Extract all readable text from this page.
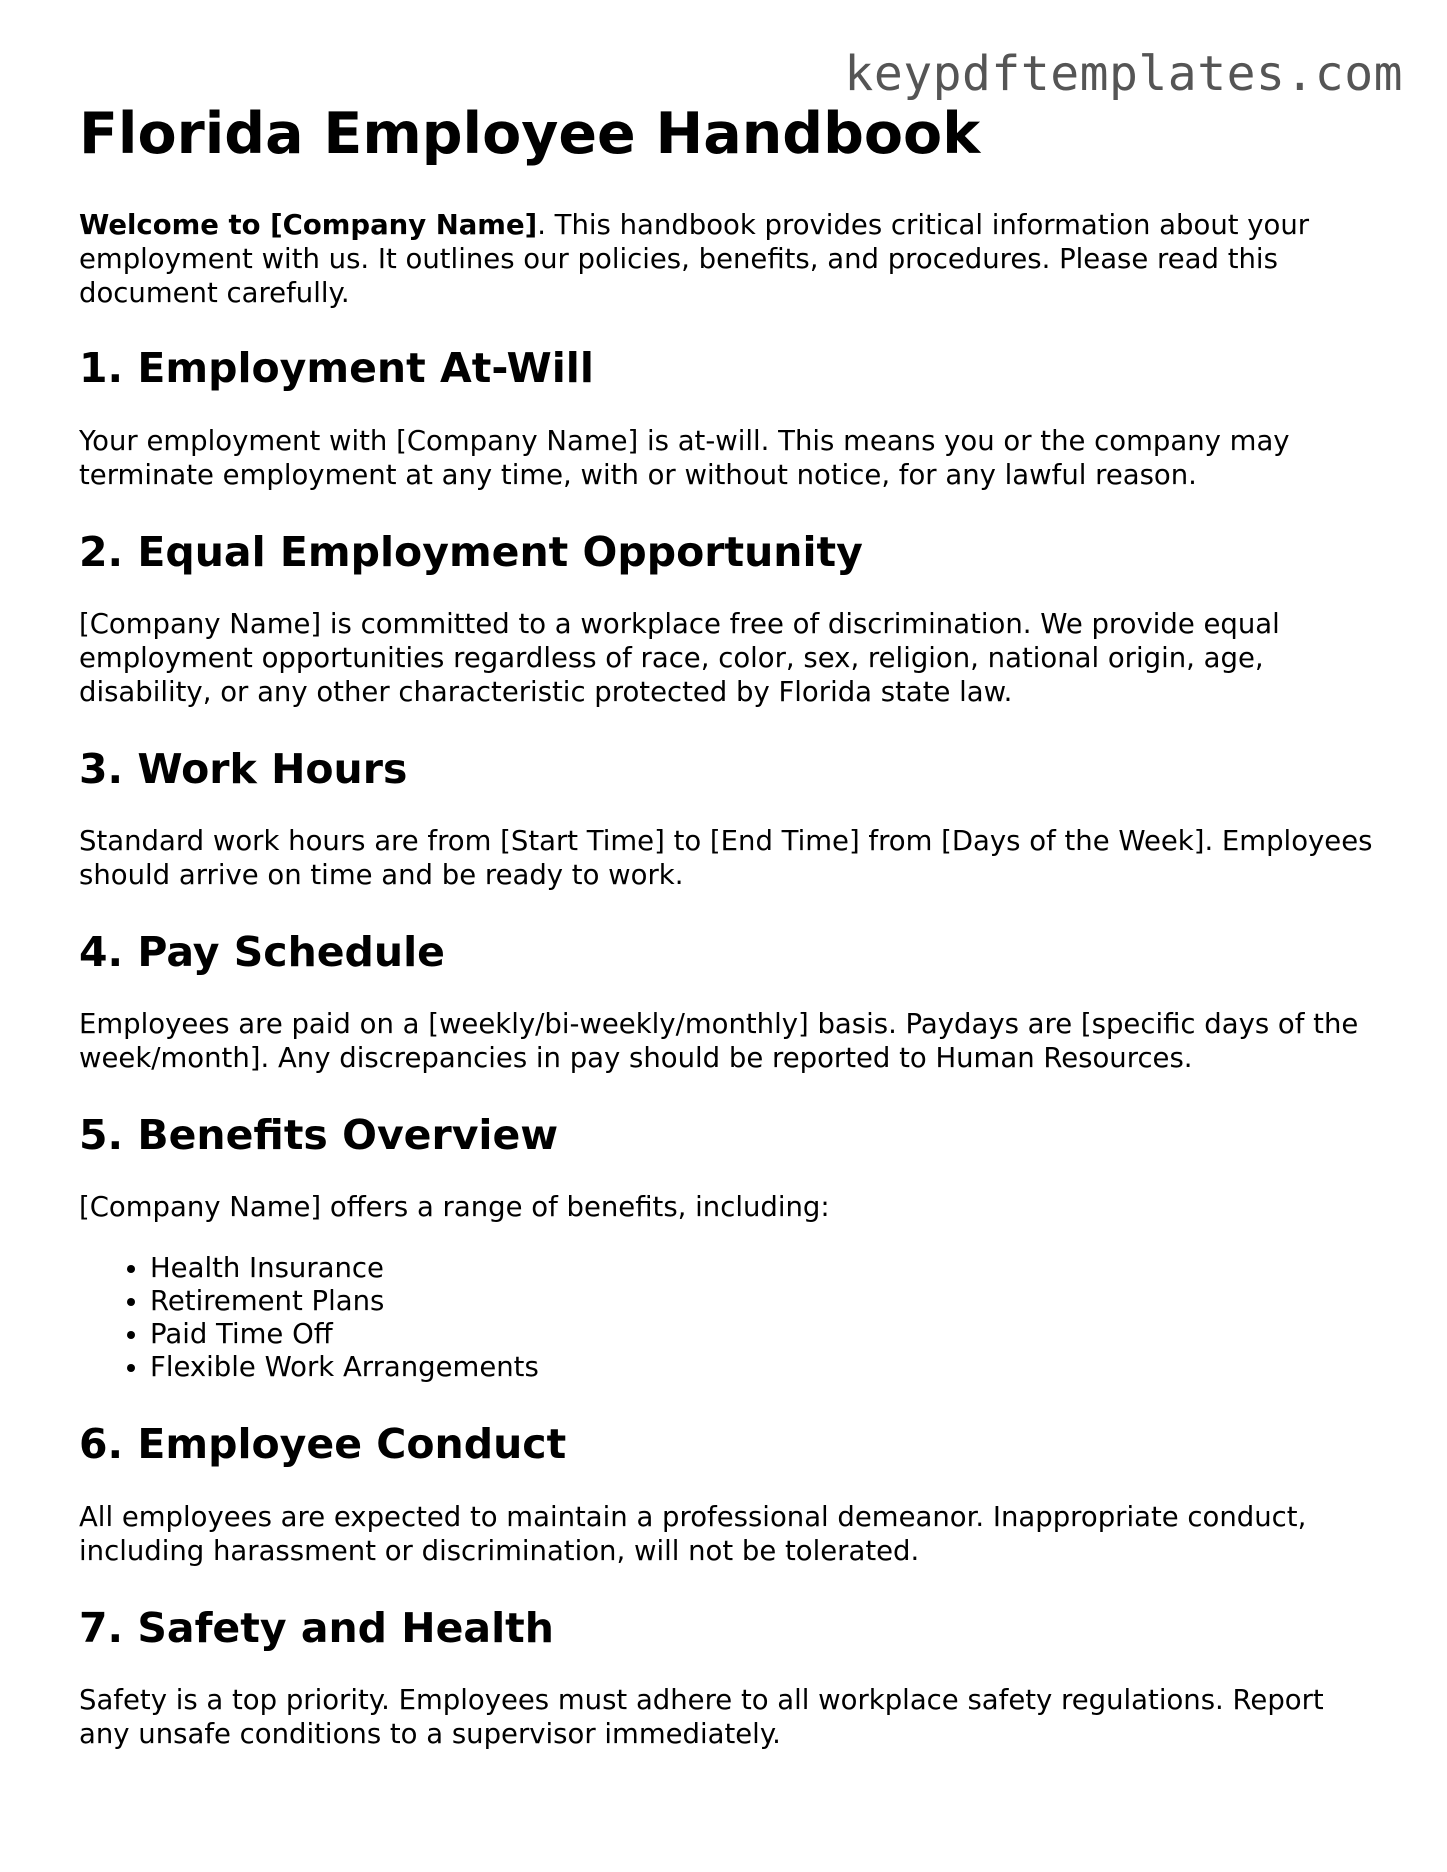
keypdftemplates.com
Florida Employee Handbook

Welcome to [Company Name]. This handbook provides critical information about your employment with us. It outlines our policies, benefits, and procedures. Please read this document carefully.

1. Employment At-Will

Your employment with [Company Name] is at-will. This means you or the company may terminate employment at any time, with or without notice, for any lawful reason.

2. Equal Employment Opportunity

[Company Name] is committed to a workplace free of discrimination. We provide equal employment opportunities regardless of race, color, sex, religion, national origin, age, disability, or any other characteristic protected by Florida state law.

3. Work Hours

Standard work hours are from [Start Time] to [End Time] from [Days of the Week]. Employees should arrive on time and be ready to work.

4. Pay Schedule

Employees are paid on a [weekly/bi-weekly/monthly] basis. Paydays are [specific days of the week/month]. Any discrepancies in pay should be reported to Human Resources.

5. Benefits Overview

[Company Name] offers a range of benefits, including:

• Health Insurance
• Retirement Plans
• Paid Time Off
• Flexible Work Arrangements
6. Employee Conduct

All employees are expected to maintain a professional demeanor. Inappropriate conduct, including harassment or discrimination, will not be tolerated.

7. Safety and Health

Safety is a top priority. Employees must adhere to all workplace safety regulations. Report any unsafe conditions to a supervisor immediately.
